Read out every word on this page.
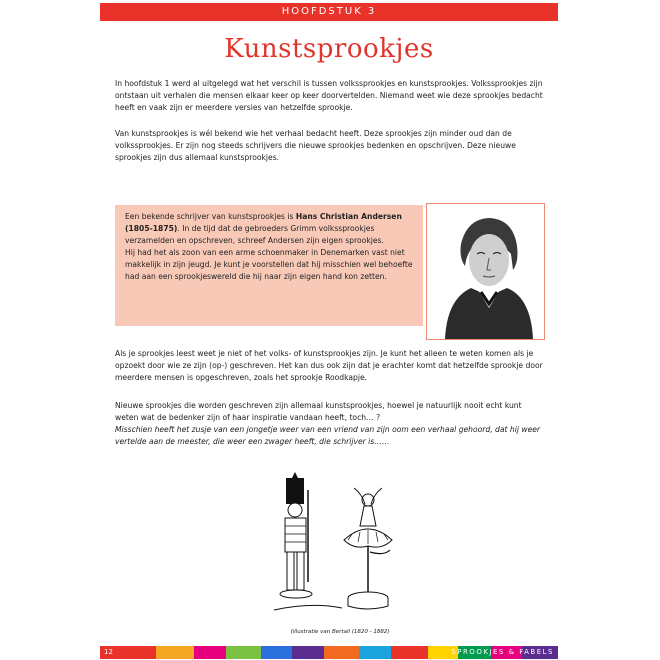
HOOFDSTUK 3
Kunstsprookjes

In hoofdstuk 1 werd al uitgelegd wat het verschil is tussen volkssprookjes en kunstsprookjes. Volkssprookjes zijn ontstaan uit verhalen die mensen elkaar keer op keer doorvertelden. Niemand weet wie deze sprookjes bedacht heeft en vaak zijn er meerdere versies van hetzelfde sprookje.

Van kunstsprookjes is wél bekend wie het verhaal bedacht heeft. Deze sprookjes zijn minder oud dan de volkssprookjes. Er zijn nog steeds schrijvers die nieuwe sprookjes bedenken en opschrijven. Deze nieuwe sprookjes zijn dus allemaal kunstsprookjes.

Een bekende schrijver van kunstsprookjes is Hans Christian Andersen (1805-1875). In de tijd dat de gebroeders Grimm volkssprookjes verzamelden en opschreven, schreef Andersen zijn eigen sprookjes.
Hij had het als zoon van een arme schoenmaker in Denemarken vast niet makkelijk in zijn jeugd. Je kunt je voorstellen dat hij misschien wel behoefte had aan een sprookjeswereld die hij naar zijn eigen hand kon zetten.

Als je sprookjes leest weet je niet of het volks- of kunstsprookjes zijn. Je kunt het alleen te weten komen als je opzoekt door wie ze zijn (op-) geschreven. Het kan dus ook zijn dat je erachter komt dat hetzelfde sprookje door meerdere mensen is opgeschreven, zoals het sprookje Roodkapje.

Nieuwe sprookjes die worden geschreven zijn allemaal kunstsprookjes, hoewel je natuurlijk nooit echt kunt weten wat de bedenker zijn of haar inspiratie vandaan heeft, toch… ?
Misschien heeft het zusje van een jongetje weer van een vriend van zijn oom een verhaal gehoord, dat hij weer vertelde aan de meester, die weer een zwager heeft, die schrijver is……

(illustratie van Bertall (1820 - 1882)
12	SPROOKJES & FABELS
